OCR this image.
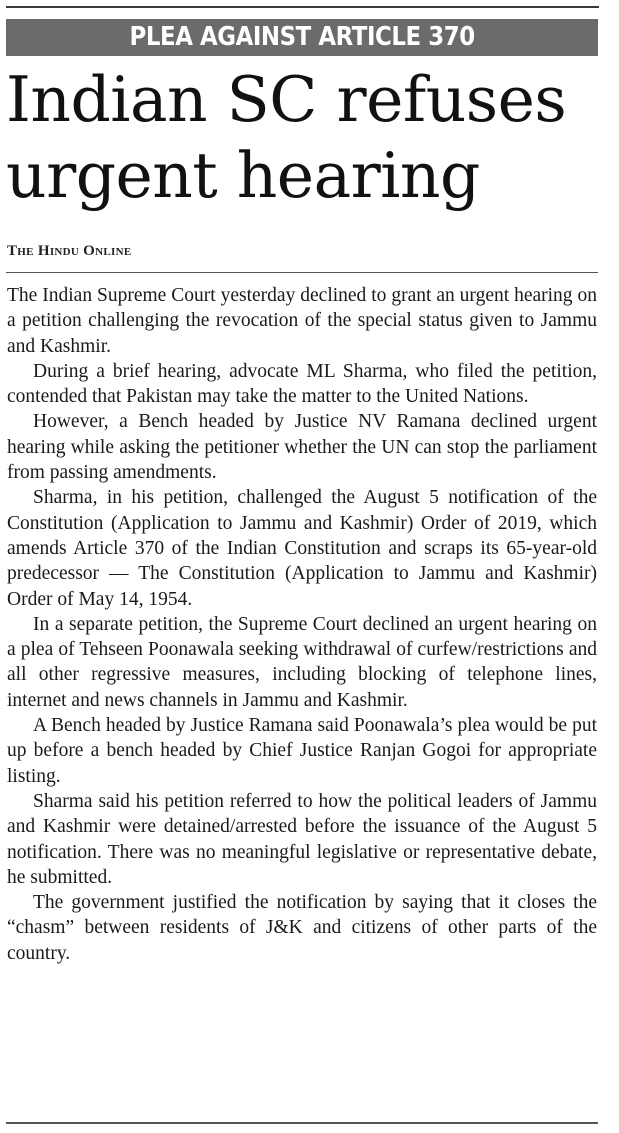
PLEA AGAINST ARTICLE 370
Indian SC refuses
urgent hearing
The Hindu Online

The Indian Supreme Court yesterday declined to grant an urgent hearing on a petition challenging the revocation of the special status given to Jammu and Kashmir.

During a brief hearing, advocate ML Sharma, who filed the petition, contended that Pakistan may take the matter to the United Nations.

However, a Bench headed by Justice NV Ramana declined urgent hearing while asking the petitioner whether the UN can stop the parliament from passing amendments.

Sharma, in his petition, challenged the August 5 notification of the Constitution (Application to Jammu and Kashmir) Order of 2019, which amends Article 370 of the Indian Constitution and scraps its 65-year-old predecessor — The Constitution (Application to Jammu and Kashmir) Order of May 14, 1954.

In a separate petition, the Supreme Court declined an urgent hearing on a plea of Tehseen Poonawala seeking withdrawal of curfew/restrictions and all other regressive measures, including blocking of telephone lines, internet and news channels in Jammu and Kashmir.

A Bench headed by Justice Ramana said Poonawala’s plea would be put up before a bench headed by Chief Justice Ranjan Gogoi for appropriate listing.

Sharma said his petition referred to how the political leaders of Jammu and Kashmir were detained/arrested before the issuance of the August 5 notification. There was no meaningful legislative or representative debate, he submitted.

The government justified the notification by saying that it closes the “chasm” between residents of J&K and citizens of other parts of the country.
